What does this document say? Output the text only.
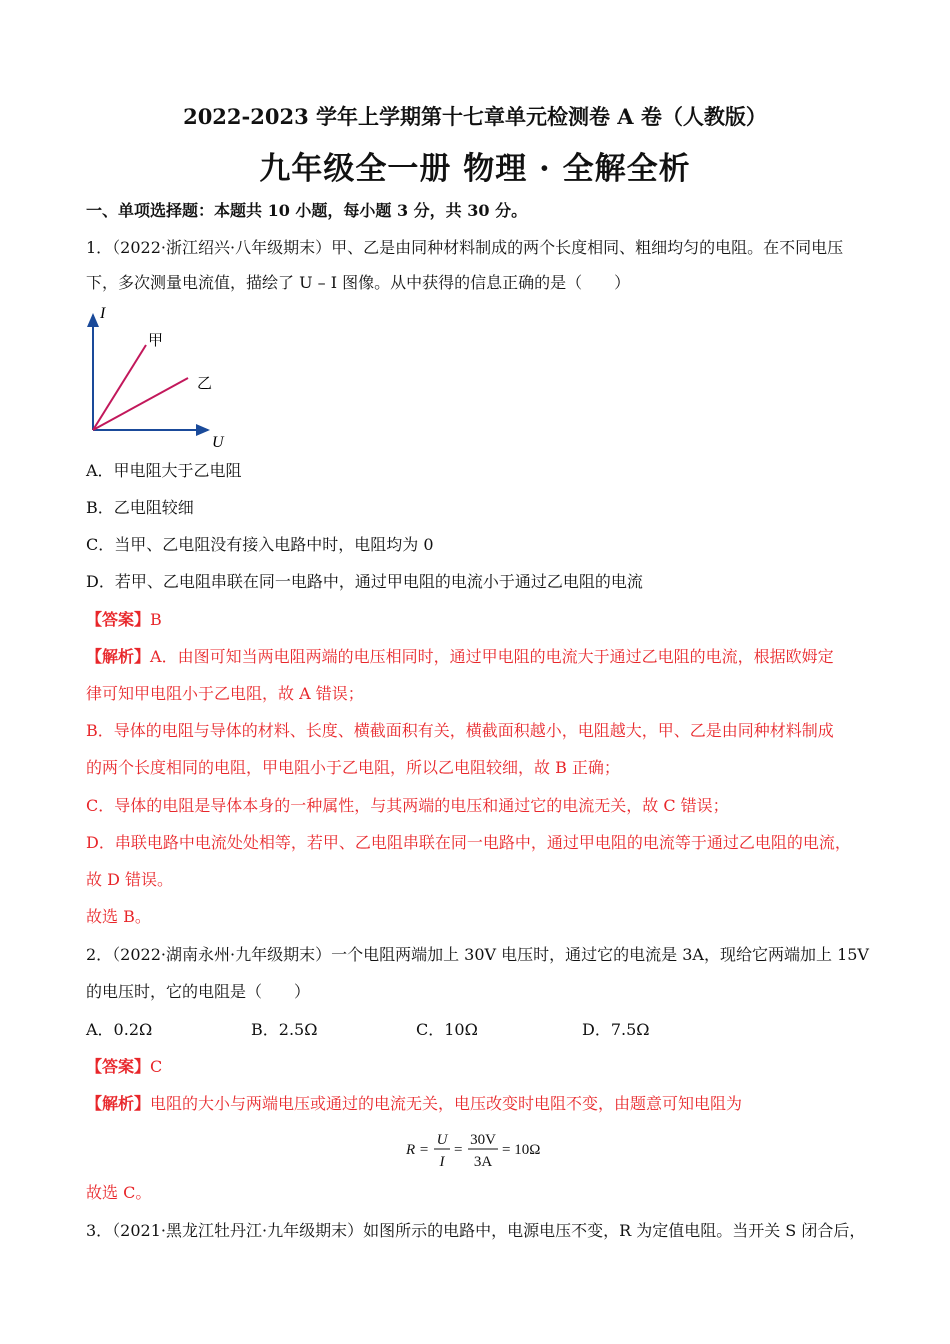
2022-2023 学年上学期第十七章单元检测卷 A 卷（人教版）
九年级全一册 物理 · 全解全析
一、单项选择题：本题共 10 小题，每小题 3 分，共 30 分。
1．（2022·浙江绍兴·八年级期末）甲、乙是由同种材料制成的两个长度相同、粗细均匀的电阻。在不同电压
下，多次测量电流值，描绘了 U – I 图像。从中获得的信息正确的是（　　）
I
U
甲
乙
A．甲电阻大于乙电阻
B．乙电阻较细
C．当甲、乙电阻没有接入电路中时，电阻均为 0
D．若甲、乙电阻串联在同一电路中，通过甲电阻的电流小于通过乙电阻的电流
【答案】B
【解析】A．由图可知当两电阻两端的电压相同时，通过甲电阻的电流大于通过乙电阻的电流，根据欧姆定
律可知甲电阻小于乙电阻，故 A 错误；
B．导体的电阻与导体的材料、长度、横截面积有关，横截面积越小，电阻越大，甲、乙是由同种材料制成
的两个长度相同的电阻，甲电阻小于乙电阻，所以乙电阻较细，故 B 正确；
C．导体的电阻是导体本身的一种属性，与其两端的电压和通过它的电流无关，故 C 错误；
D．串联电路中电流处处相等，若甲、乙电阻串联在同一电路中，通过甲电阻的电流等于通过乙电阻的电流，
故 D 错误。
故选 B。
2．（2022·湖南永州·九年级期末）一个电阻两端加上 30V 电压时，通过它的电流是 3A，现给它两端加上 15V
的电压时，它的电阻是（　　）
A．0.2Ω	B．2.5Ω	C．10Ω	D．7.5Ω
【答案】C
【解析】电阻的大小与两端电压或通过的电流无关，电压改变时电阻不变，由题意可知电阻为
R =
U
I
=
30V
3A
= 10Ω
故选 C。
3．（2021·黑龙江牡丹江·九年级期末）如图所示的电路中，电源电压不变，R 为定值电阻。当开关 S 闭合后，
